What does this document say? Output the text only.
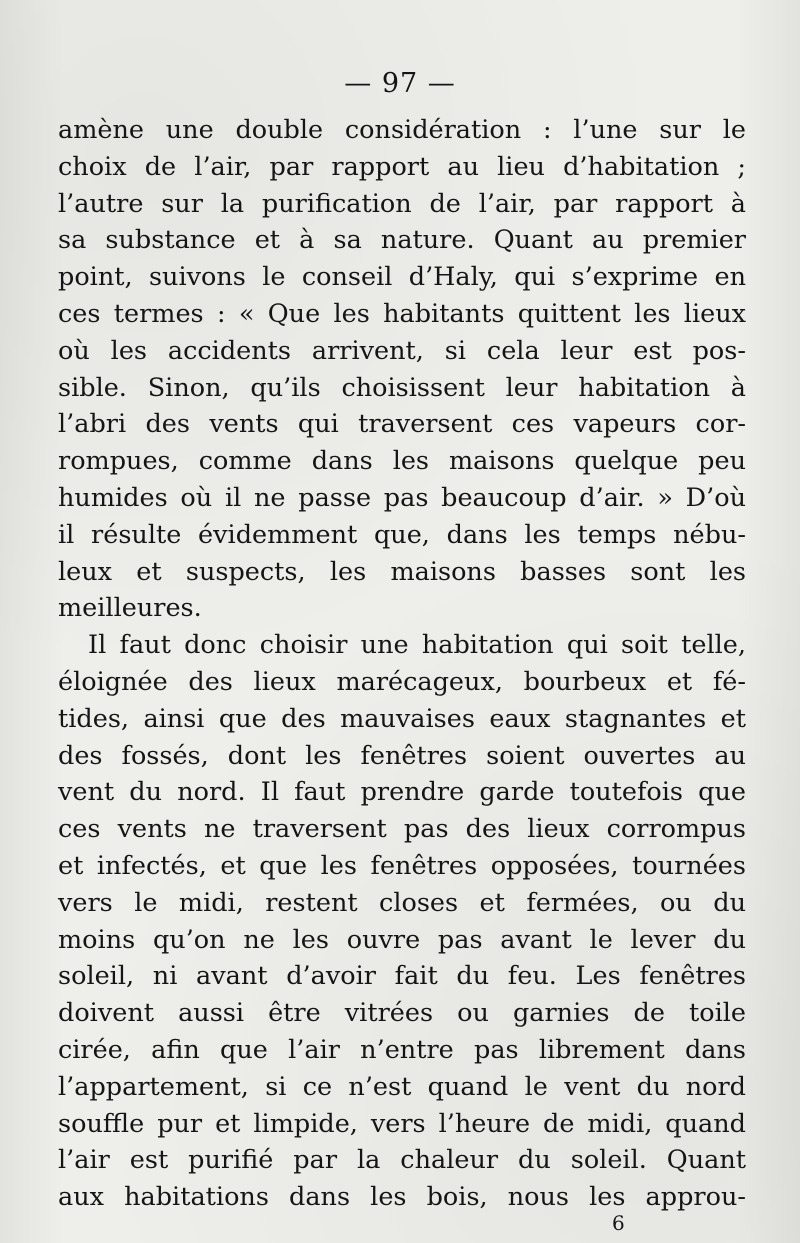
— 97 —
amène une double considération : l’une sur le
choix de l’air, par rapport au lieu d’habitation ;
l’autre sur la purification de l’air, par rapport à
sa substance et à sa nature. Quant au premier
point, suivons le conseil d’Haly, qui s’exprime en
ces termes : « Que les habitants quittent les lieux
où les accidents arrivent, si cela leur est pos-
sible. Sinon, qu’ils choisissent leur habitation à
l’abri des vents qui traversent ces vapeurs cor-
rompues, comme dans les maisons quelque peu
humides où il ne passe pas beaucoup d’air. » D’où
il résulte évidemment que, dans les temps nébu-
leux et suspects, les maisons basses sont les
meilleures.
Il faut donc choisir une habitation qui soit telle,
éloignée des lieux marécageux, bourbeux et fé-
tides, ainsi que des mauvaises eaux stagnantes et
des fossés, dont les fenêtres soient ouvertes au
vent du nord. Il faut prendre garde toutefois que
ces vents ne traversent pas des lieux corrompus
et infectés, et que les fenêtres opposées, tournées
vers le midi, restent closes et fermées, ou du
moins qu’on ne les ouvre pas avant le lever du
soleil, ni avant d’avoir fait du feu. Les fenêtres
doivent aussi être vitrées ou garnies de toile
cirée, afin que l’air n’entre pas librement dans
l’appartement, si ce n’est quand le vent du nord
souffle pur et limpide, vers l’heure de midi, quand
l’air est purifié par la chaleur du soleil. Quant
aux habitations dans les bois, nous les approu-
6
